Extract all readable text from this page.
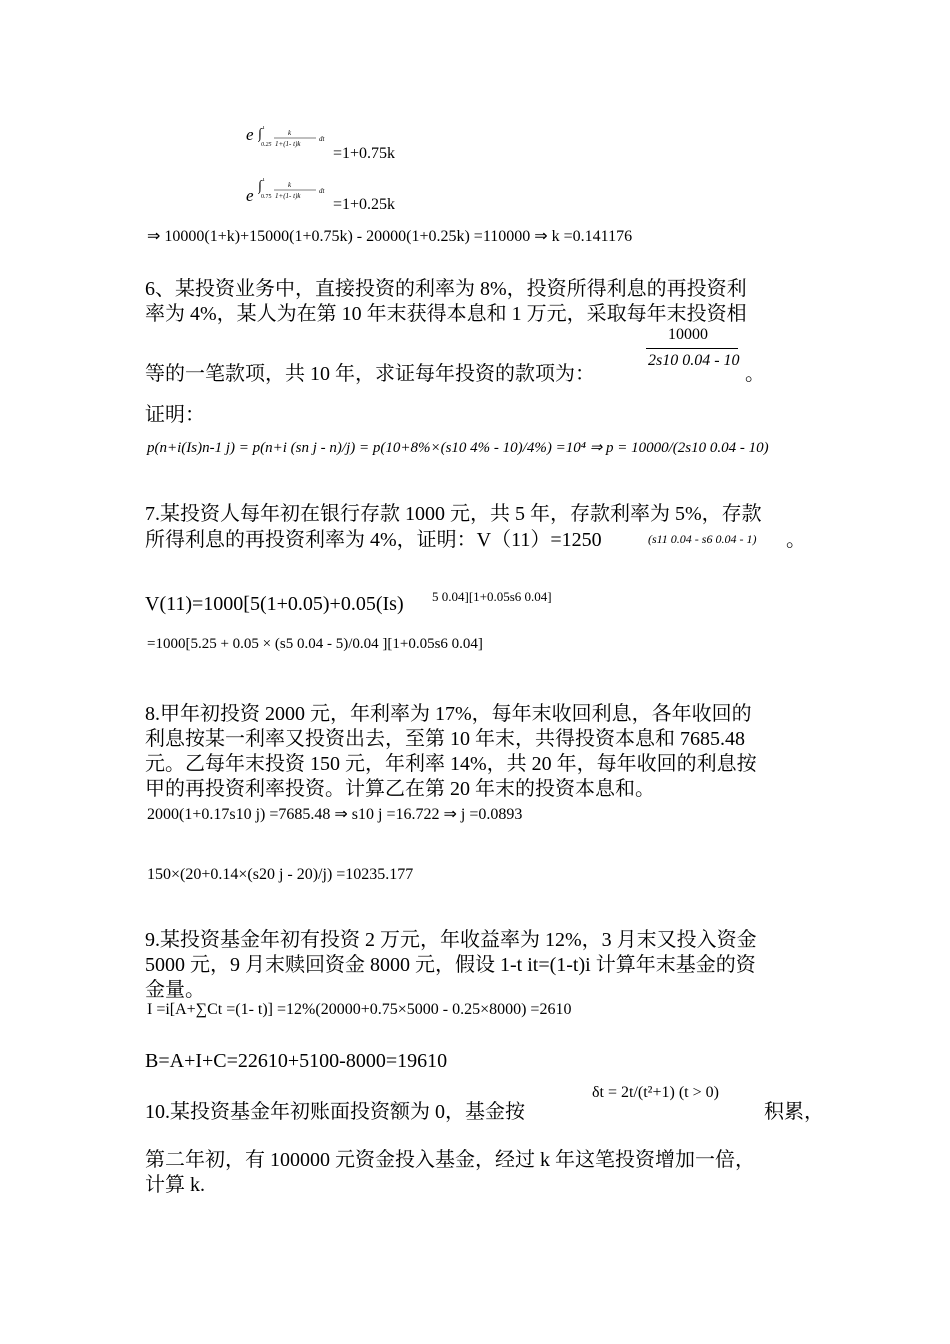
e ∫ 1
0.25
k
1+(1- t)k
dt
=1+0.75k
e ∫ 1
0.75
k
1+(1- t)k
dt
=1+0.25k
⇒ 10000(1+k)+15000(1+0.75k) - 20000(1+0.25k) =110000 ⇒ k =0.141176
6、某投资业务中，直接投资的利率为 8%，投资所得利息的再投资利
率为 4%，某人为在第 10 年末获得本息和 1 万元，采取每年末投资相
10000
2s10 0.04 - 10
等的一笔款项，共 10 年，求证每年投资的款项为：	。
证明：
p(n+i(Is)n-1 j) = p(n+i (sn j - n)/j) = p(10+8%×(s10 4% - 10)/4%) =10⁴ ⇒ p = 10000/(2s10 0.04 - 10)
7.某投资人每年初在银行存款 1000 元，共 5 年，存款利率为 5%，存款
所得利息的再投资利率为 4%，证明：V（11）=1250	(s11 0.04 - s6 0.04 - 1) 。
V(11)=1000[5(1+0.05)+0.05(Is) 5 0.04][1+0.05s6 0.04]
=1000[5.25 + 0.05 × (s5 0.04 - 5)/0.04 ][1+0.05s6 0.04]
8.甲年初投资 2000 元，年利率为 17%，每年末收回利息，各年收回的
利息按某一利率又投资出去，至第 10 年末，共得投资本息和 7685.48
元。乙每年末投资 150 元，年利率 14%，共 20 年，每年收回的利息按
甲的再投资利率投资。计算乙在第 20 年末的投资本息和。
2000(1+0.17s10 j) =7685.48 ⇒ s10 j =16.722 ⇒ j =0.0893
150×(20+0.14×(s20 j - 20)/j) =10235.177
9.某投资基金年初有投资 2 万元，年收益率为 12%，3 月末又投入资金
5000 元，9 月末赎回资金 8000 元，假设 1-t it=(1-t)i 计算年末基金的资
金量。
I =i[A+∑Ct =(1- t)] =12%(20000+0.75×5000 - 0.25×8000) =2610
B=A+I+C=22610+5100-8000=19610
10.某投资基金年初账面投资额为 0，基金按
δt = 2t/(t²+1) (t > 0)
积累，
第二年初，有 100000 元资金投入基金，经过 k 年这笔投资增加一倍，
计算 k.
